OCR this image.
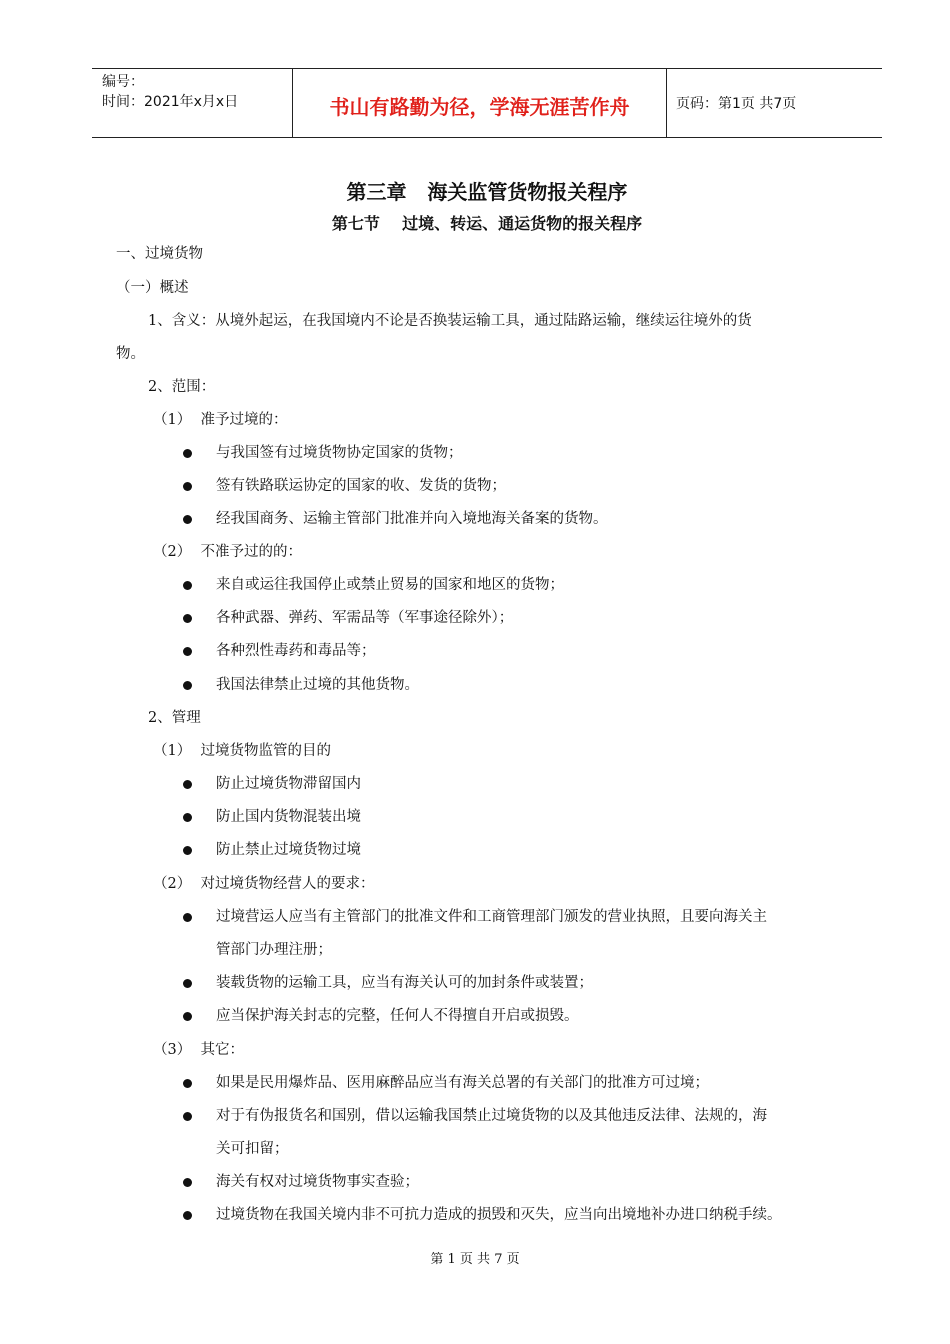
编号：
时间：2021年x月x日	书山有路勤为径，学海无涯苦作舟	页码：第1页 共7页
第三章   海关监管货物报关程序
第七节    过境、转运、通运货物的报关程序
一、过境货物
（一）概述
1、含义：从境外起运，在我国境内不论是否换装运输工具，通过陆路运输，继续运往境外的货
物。
2、范围：
（1）  准予过境的：
与我国签有过境货物协定国家的货物；
签有铁路联运协定的国家的收、发货的货物；
经我国商务、运输主管部门批准并向入境地海关备案的货物。
（2）  不准予过的的：
来自或运往我国停止或禁止贸易的国家和地区的货物；
各种武器、弹药、军需品等（军事途径除外）；
各种烈性毒药和毒品等；
我国法律禁止过境的其他货物。
2、管理
（1）  过境货物监管的目的
防止过境货物滞留国内
防止国内货物混装出境
防止禁止过境货物过境
（2）  对过境货物经营人的要求：
过境营运人应当有主管部门的批准文件和工商管理部门颁发的营业执照，且要向海关主
管部门办理注册；
装载货物的运输工具，应当有海关认可的加封条件或装置；
应当保护海关封志的完整，任何人不得擅自开启或损毁。
（3）  其它：
如果是民用爆炸品、医用麻醉品应当有海关总署的有关部门的批准方可过境；
对于有伪报货名和国别，借以运输我国禁止过境货物的以及其他违反法律、法规的，海
关可扣留；
海关有权对过境货物事实查验；
过境货物在我国关境内非不可抗力造成的损毁和灭失，应当向出境地补办进口纳税手续。
第 1 页 共 7 页
